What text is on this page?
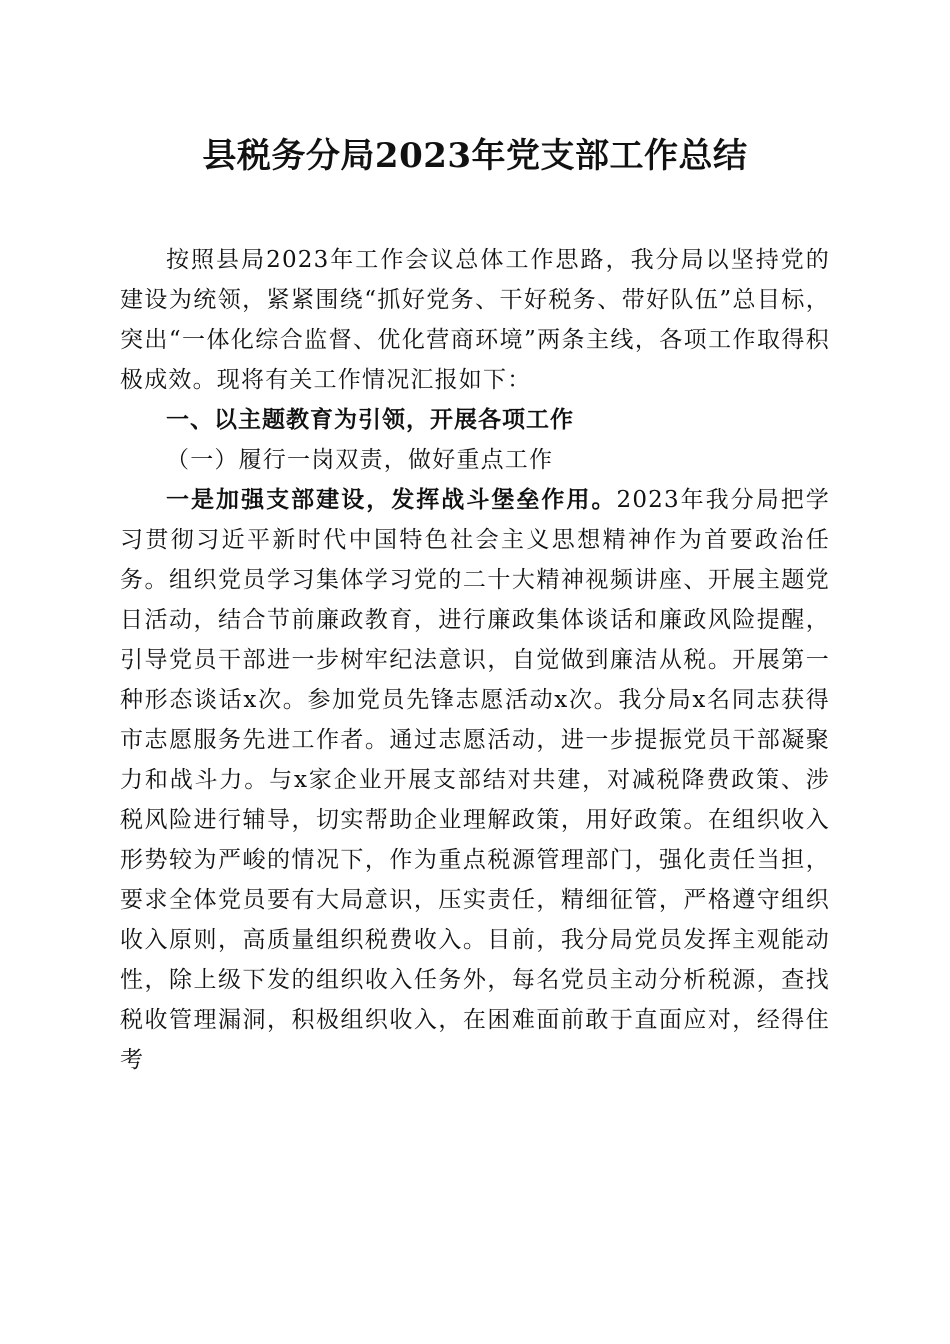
县税务分局2023年党支部工作总结

按照县局2023年工作会议总体工作思路，我分局以坚持党的建设为统领，紧紧围绕“抓好党务、干好税务、带好队伍”总目标，突出“一体化综合监督、优化营商环境”两条主线，各项工作取得积极成效。现将有关工作情况汇报如下：

一、以主题教育为引领，开展各项工作

（一）履行一岗双责，做好重点工作

一是加强支部建设，发挥战斗堡垒作用。2023年我分局把学习贯彻习近平新时代中国特色社会主义思想精神作为首要政治任务。组织党员学习集体学习党的二十大精神视频讲座、开展主题党日活动，结合节前廉政教育，进行廉政集体谈话和廉政风险提醒，引导党员干部进一步树牢纪法意识，自觉做到廉洁从税。开展第一种形态谈话x次。参加党员先锋志愿活动x次。我分局x名同志获得市志愿服务先进工作者。通过志愿活动，进一步提振党员干部凝聚力和战斗力。与x家企业开展支部结对共建，对减税降费政策、涉税风险进行辅导，切实帮助企业理解政策，用好政策。在组织收入形势较为严峻的情况下，作为重点税源管理部门，强化责任当担，要求全体党员要有大局意识，压实责任，精细征管，严格遵守组织收入原则，高质量组织税费收入。目前，我分局党员发挥主观能动性，除上级下发的组织收入任务外，每名党员主动分析税源，查找税收管理漏洞，积极组织收入，在困难面前敢于直面应对，经得住考
